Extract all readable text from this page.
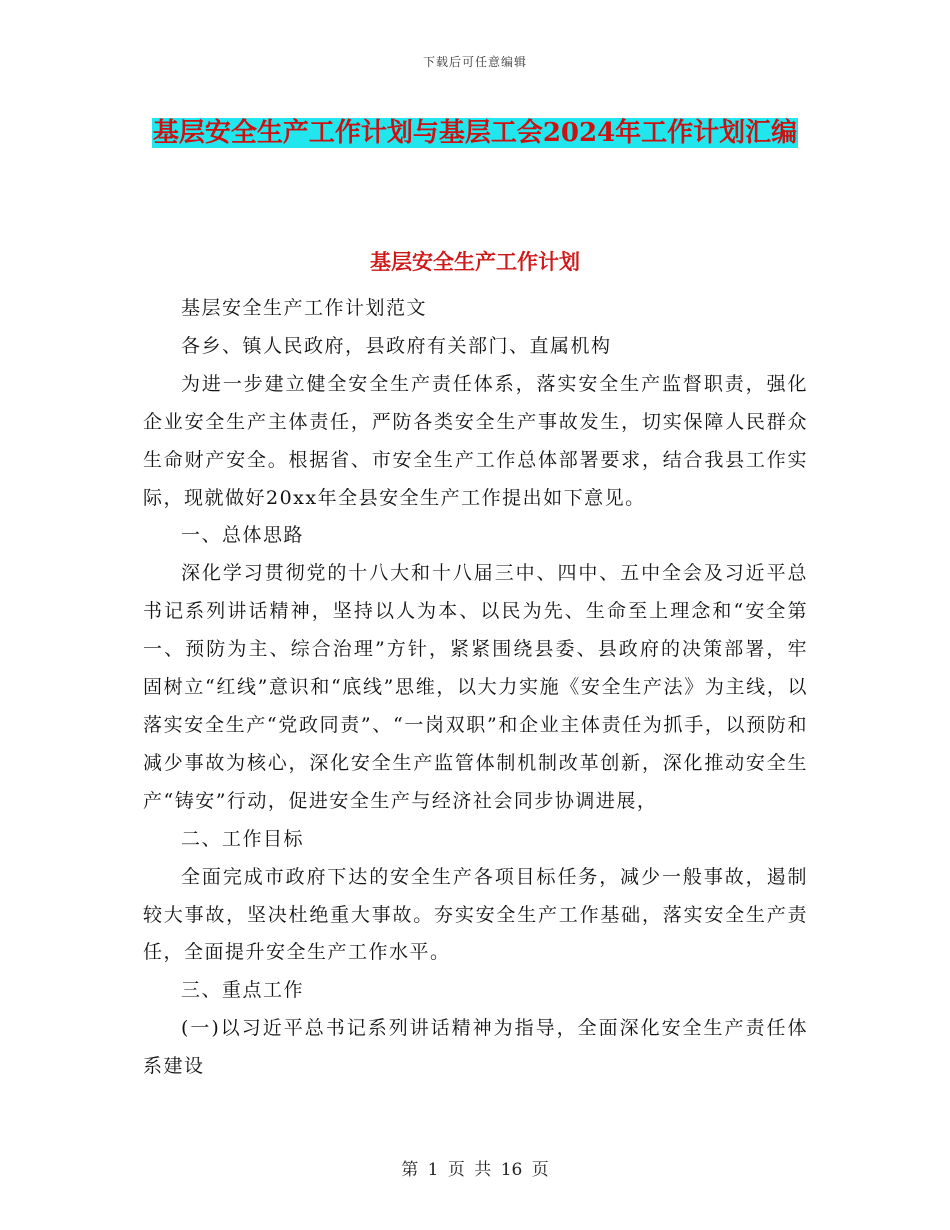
下载后可任意编辑
基层安全生产工作计划与基层工会2024年工作计划汇编
基层安全生产工作计划

基层安全生产工作计划范文

各乡、镇人民政府，县政府有关部门、直属机构

为进一步建立健全安全生产责任体系，落实安全生产监督职责，强化企业安全生产主体责任，严防各类安全生产事故发生，切实保障人民群众生命财产安全。根据省、市安全生产工作总体部署要求，结合我县工作实际，现就做好20xx年全县安全生产工作提出如下意见。

一、总体思路

深化学习贯彻党的十八大和十八届三中、四中、五中全会及习近平总书记系列讲话精神，坚持以人为本、以民为先、生命至上理念和“安全第一、预防为主、综合治理”方针，紧紧围绕县委、县政府的决策部署，牢固树立“红线”意识和“底线”思维，以大力实施《安全生产法》为主线，以落实安全生产“党政同责”、“一岗双职”和企业主体责任为抓手，以预防和减少事故为核心，深化安全生产监管体制机制改革创新，深化推动安全生产“铸安”行动，促进安全生产与经济社会同步协调进展，

二、工作目标

全面完成市政府下达的安全生产各项目标任务，减少一般事故，遏制较大事故，坚决杜绝重大事故。夯实安全生产工作基础，落实安全生产责任，全面提升安全生产工作水平。

三、重点工作

(一)以习近平总书记系列讲话精神为指导，全面深化安全生产责任体系建设

第 1 页 共 16 页
